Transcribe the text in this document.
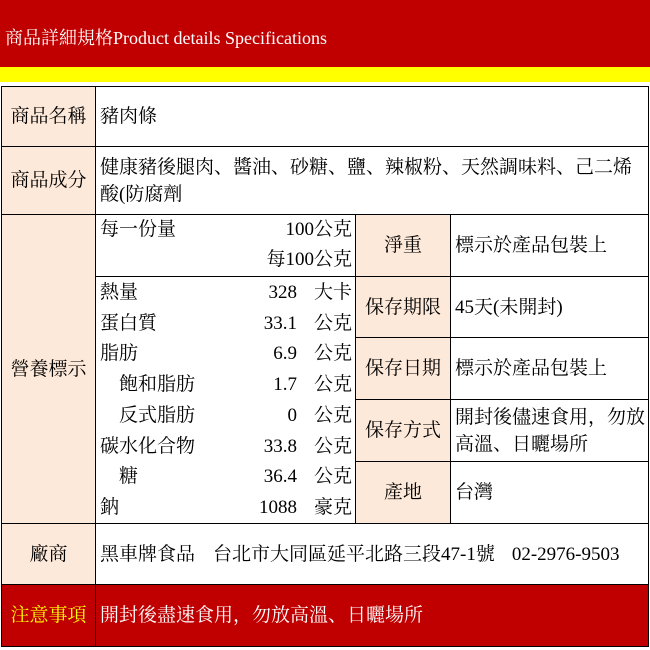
商品詳細規格Product details Specifications
商品名稱 豬肉條
商品成分
健康豬後腿肉、醬油、砂糖、鹽、辣椒粉、天然調味料、己二烯酸(防腐劑
營養標示
每一份量	100公克
每100公克
熱量	328 大卡
蛋白質	33.1 公克
脂肪	6.9 公克
飽和脂肪	1.7 公克
反式脂肪	0 公克
碳水化合物	33.8 公克
糖	36.4 公克
鈉	1088 豪克
淨重	標示於產品包裝上
保存期限 45天(未開封)
保存日期 標示於產品包裝上
保存方式
開封後儘速食用，勿放高溫、日曬場所
產地	台灣
廠商	黑車牌食品 台北市大同區延平北路三段47-1號 02-2976-9503
注意事項 開封後盡速食用，勿放高溫、日曬場所
